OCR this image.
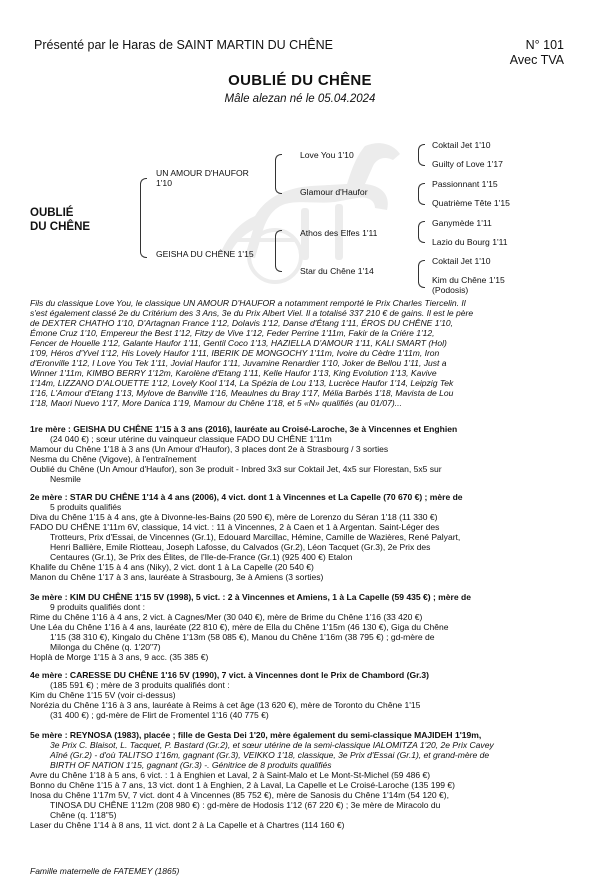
Présenté par le Haras de SAINT MARTIN DU CHÊNE	N° 101
Avec TVA
OUBLIÉ DU CHÊNE
Mâle alezan né le 05.04.2024
OUBLIÉ
DU CHÊNE
UN AMOUR D'HAUFOR
1'10
GEISHA DU CHÊNE 1'15
Love You 1'10
Glamour d'Haufor
Athos des Elfes 1'11
Star du Chêne 1'14
Coktail Jet 1'10
Guilty of Love 1'17
Passionnant 1'15
Quatrième Tête 1'15
Ganymède 1'11
Lazio du Bourg 1'11
Coktail Jet 1'10
Kim du Chêne 1'15
(Podosis)
Fils du classique Love You, le classique UN AMOUR D'HAUFOR a notamment remporté le Prix Charles Tiercelin. Il
s'est également classé 2e du Critérium des 3 Ans, 3e du Prix Albert Viel. Il a totalisé 337 210 € de gains. Il est le père
de DEXTER CHATHO 1'10, D'Artagnan France 1'12, Dolavis 1'12, Danse d'Étang 1'11, ÉROS DU CHÊNE 1'10,
Émone Cruz 1'10, Empereur the Best 1'12, Fitzy de Vive 1'12, Feder Perrine 1'11m, Fakir de la Criére 1'12,
Fencer de Houelle 1'12, Galante Haufor 1'11, Gentil Coco 1'13, HAZIELLA D'AMOUR 1'11, KALI SMART (Hol)
1'09, Héros d'Yvel 1'12, His Lovely Haufor 1'11, IBERIK DE MONGOCHY 1'11m, Ivoire du Cèdre 1'11m, Iron
d'Eronville 1'12, I Love You Tek 1'11, Jovial Haufor 1'11, Juvamine Renardier 1'10, Joker de Bellou 1'11, Just a
Winner 1'11m, KIMBO BERRY 1'12m, Karolène d'Etang 1'11, Kelle Haufor 1'13, King Evolution 1'13, Kavive
1'14m, LIZZANO D'ALOUETTE 1'12, Lovely Kool 1'14, La Spézia de Lou 1'13, Lucrèce Haufor 1'14, Leipzig Tek
1'16, L'Amour d'Etang 1'13, Mylove de Banville 1'16, Meaulnes du Bray 1'17, Mélia Barbés 1'18, Mavista de Lou
1'18, Maori Nuevo 1'17, More Danica 1'19, Mamour du Chêne 1'18, et 5 «N» qualifiés (au 01/07)...
1re mère : GEISHA DU CHÊNE 1'15 à 3 ans (2016), lauréate au Croisé-Laroche, 3e à Vincennes et Enghien
(24 040 €) ; sœur utérine du vainqueur classique FADO DU CHÊNE 1'11m
Mamour du Chêne 1'18 à 3 ans (Un Amour d'Haufor), 3 places dont 2e à Strasbourg / 3 sorties
Nesma du Chêne (Vigove), à l'entraînement
Oublié du Chêne (Un Amour d'Haufor), son 3e produit - Inbred 3x3 sur Coktail Jet, 4x5 sur Florestan, 5x5 sur
Nesmile
2e mère : STAR DU CHÊNE 1'14 à 4 ans (2006), 4 vict. dont 1 à Vincennes et La Capelle (70 670 €) ; mère de
5 produits qualifiés
Diva du Chêne 1'15 à 4 ans, gte à Divonne-les-Bains (20 590 €), mère de Lorenzo du Séran 1'18 (11 330 €)
FADO DU CHÊNE 1'11m 6V, classique, 14 vict. : 11 à Vincennes, 2 à Caen et 1 à Argentan. Saint-Léger des
Trotteurs, Prix d'Essai, de Vincennes (Gr.1), Edouard Marcillac, Hémine, Camille de Wazières, René Palyart,
Henri Ballière, Emile Riotteau, Joseph Lafosse, du Calvados (Gr.2), Léon Tacquet (Gr.3), 2e Prix des
Centaures (Gr.1), 3e Prix des Élites, de l'Ile-de-France (Gr.1) (925 400 €) Etalon
Khalife du Chêne 1'15 à 4 ans (Niky), 2 vict. dont 1 à La Capelle (20 540 €)
Manon du Chêne 1'17 à 3 ans, lauréate à Strasbourg, 3e à Amiens (3 sorties)
3e mère : KIM DU CHÊNE 1'15 5V (1998), 5 vict. : 2 à Vincennes et Amiens, 1 à La Capelle (59 435 €) ; mère de
9 produits qualifiés dont :
Rime du Chêne 1'16 à 4 ans, 2 vict. à Cagnes/Mer (30 040 €), mère de Brime du Chêne 1'16 (33 420 €)
Une Léa du Chêne 1'16 à 4 ans, lauréate (22 810 €), mère de Ella du Chêne 1'15m (46 130 €), Giga du Chêne
1'15 (38 310 €), Kingalo du Chêne 1'13m (58 085 €), Manou du Chêne 1'16m (38 795 €) ; gd-mère de
Milonga du Chêne (q. 1'20"7)
Hoplà de Morge 1'15 à 3 ans, 9 acc. (35 385 €)
4e mère : CARESSE DU CHÊNE 1'16 5V (1990), 7 vict. à Vincennes dont le Prix de Chambord (Gr.3)
(185 591 €) ; mère de 3 produits qualifiés dont :
Kim du Chêne 1'15 5V (voir ci-dessus)
Norézia du Chêne 1'16 à 3 ans, lauréate à Reims à cet âge (13 620 €), mère de Toronto du Chêne 1'15
(31 400 €) ; gd-mère de Flirt de Fromentel 1'16 (40 775 €)
5e mère : REYNOSA (1983), placée ; fille de Gesta Dei 1'20, mère également du semi-classique MAJIDEH 1'19m,
3e Prix C. Blaisot, L. Tacquet, P. Bastard (Gr.2), et sœur utérine de la semi-classique IALOMITZA 1'20, 2e Prix Cavey
Aîné (Gr.2) - d'où TALITSO 1'16m, gagnant (Gr.3), VEIKKO 1'18, classique, 3e Prix d'Essai (Gr.1), et grand-mère de
BIRTH OF NATION 1'15, gagnant (Gr.3) -. Génitrice de 8 produits qualifiés
Avre du Chêne 1'18 à 5 ans, 6 vict. : 1 à Enghien et Laval, 2 à Saint-Malo et Le Mont-St-Michel (59 486 €)
Bonno du Chêne 1'15 à 7 ans, 13 vict. dont 1 à Enghien, 2 à Laval, La Capelle et Le Croisé-Laroche (135 199 €)
Inosa du Chêne 1'17m 5V, 7 vict. dont 4 à Vincennes (85 752 €), mère de Sanosis du Chêne 1'14m (54 120 €),
TINOSA DU CHÊNE 1'12m (208 980 €) : gd-mère de Hodosis 1'12 (67 220 €) ; 3e mère de Miracolo du
Chêne (q. 1'18"5)
Laser du Chêne 1'14 à 8 ans, 11 vict. dont 2 à La Capelle et à Chartres (114 160 €)
Famille maternelle de FATEMEY (1865)
